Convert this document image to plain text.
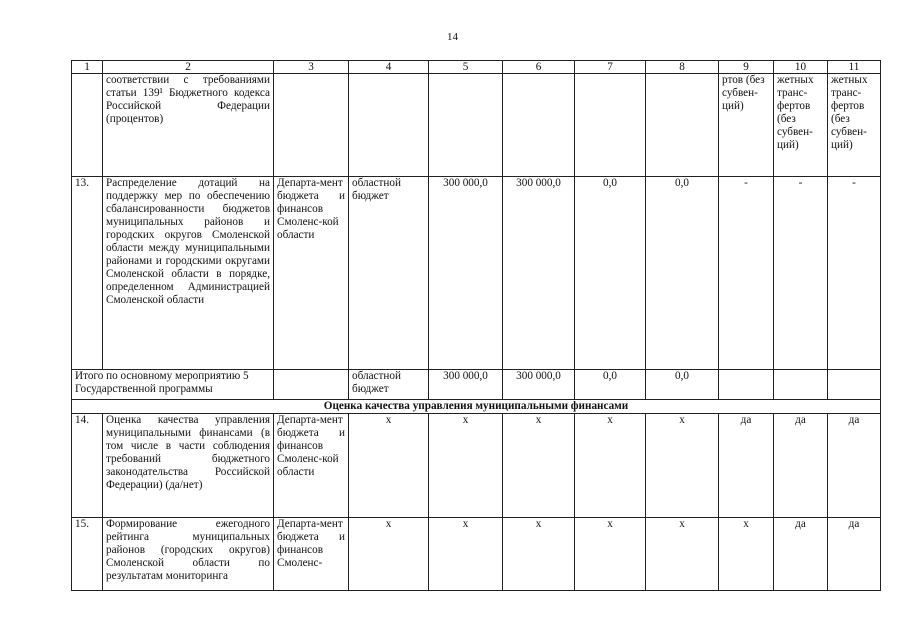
14
1	2	3	4	5	6	7	8	9	10	11
	соответствии с требованиями статьи 139¹ Бюджетного кодекса Российской Федерации (процентов)							ртов (без субвен-ций)	жетных транс-фертов (без субвен-ций)	жетных транс-фертов (без субвен-ций)
13.	Распределение дотаций на поддержку мер по обеспечению сбалансированности бюджетов муниципальных районов и городских округов Смоленской области между муниципальными районами и городскими округами Смоленской области в порядке, определенном Администрацией Смоленской области	Департа-мент бюджета и финансов Смоленс-кой области	областной бюджет	300 000,0	300 000,0	0,0	0,0	-	-	-
Итого по основному мероприятию 5 Государственной программы			областной бюджет	300 000,0	300 000,0	0,0	0,0			
Оценка качества управления муниципальными финансами										
14.	Оценка качества управления муниципальными финансами (в том числе в части соблюдения требований бюджетного законодательства Российской Федерации) (да/нет)	Департа-мент бюджета и финансов Смоленс-кой области	х	х	х	х	х	да	да	да
15.	Формирование ежегодного рейтинга муниципальных районов (городских округов) Смоленской области по результатам мониторинга	Департа-мент бюджета и финансов Смоленс-	х	х	х	х	х	х	да	да
